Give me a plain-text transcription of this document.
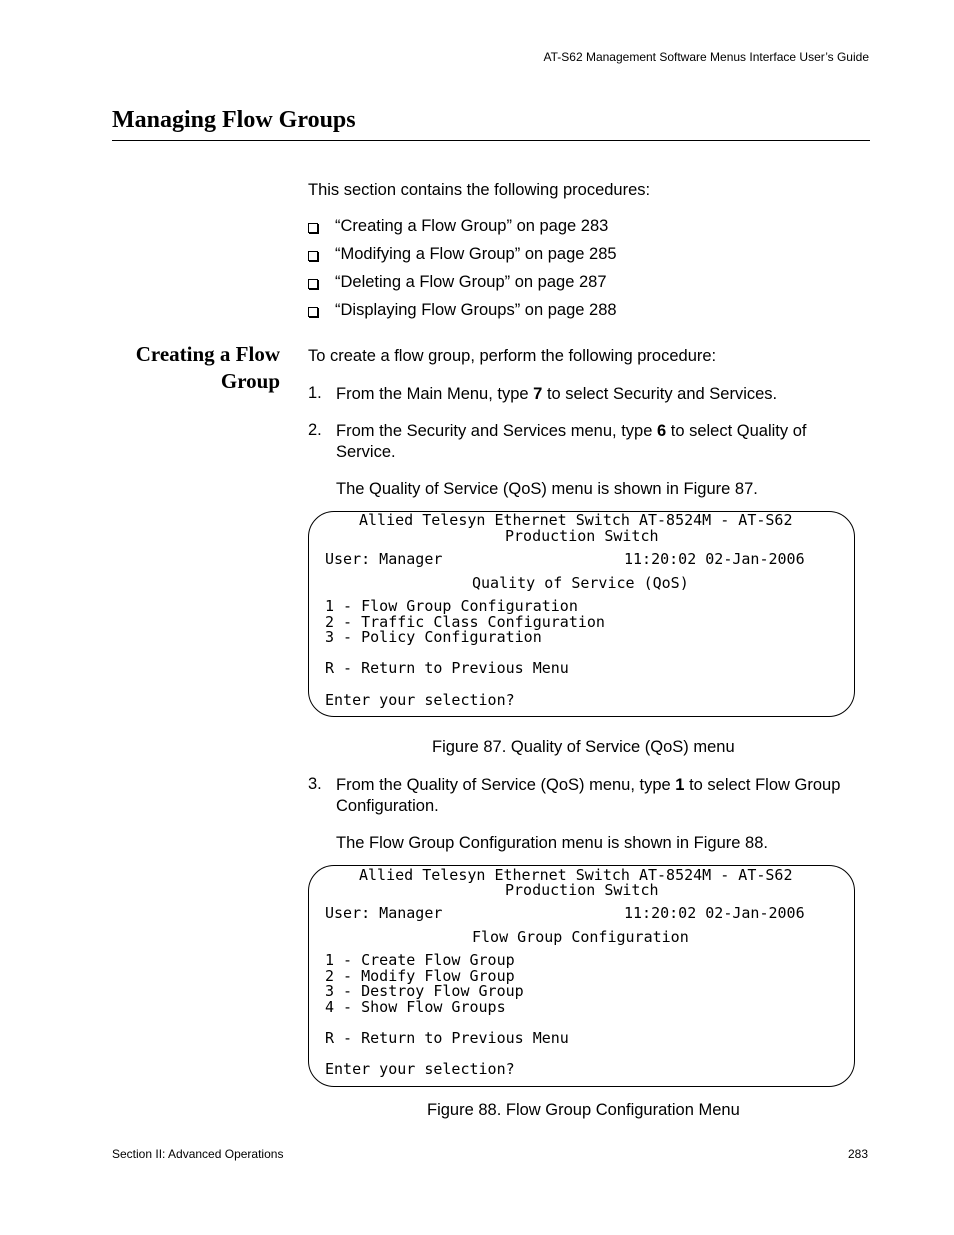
AT-S62 Management Software Menus Interface User’s Guide
Managing Flow Groups
This section contains the following procedures:
“Creating a Flow Group” on page 283
“Modifying a Flow Group” on page 285
“Deleting a Flow Group” on page 287
“Displaying Flow Groups” on page 288
Creating a Flow
Group
To create a flow group, perform the following procedure:
1. From the Main Menu, type 7 to select Security and Services.
2. From the Security and Services menu, type 6 to select Quality of Service.
The Quality of Service (QoS) menu is shown in Figure 87.
Allied Telesyn Ethernet Switch AT-8524M - AT-S62
Production Switch
User: Manager	11:20:02 02-Jan-2006
Quality of Service (QoS)
1 - Flow Group Configuration
2 - Traffic Class Configuration
3 - Policy Configuration
R - Return to Previous Menu
Enter your selection?
Figure 87. Quality of Service (QoS) menu
3. From the Quality of Service (QoS) menu, type 1 to select Flow Group Configuration.
The Flow Group Configuration menu is shown in Figure 88.
Allied Telesyn Ethernet Switch AT-8524M - AT-S62
Production Switch
User: Manager	11:20:02 02-Jan-2006
Flow Group Configuration
1 - Create Flow Group
2 - Modify Flow Group
3 - Destroy Flow Group
4 - Show Flow Groups
R - Return to Previous Menu
Enter your selection?
Figure 88. Flow Group Configuration Menu
Section II: Advanced Operations	283
